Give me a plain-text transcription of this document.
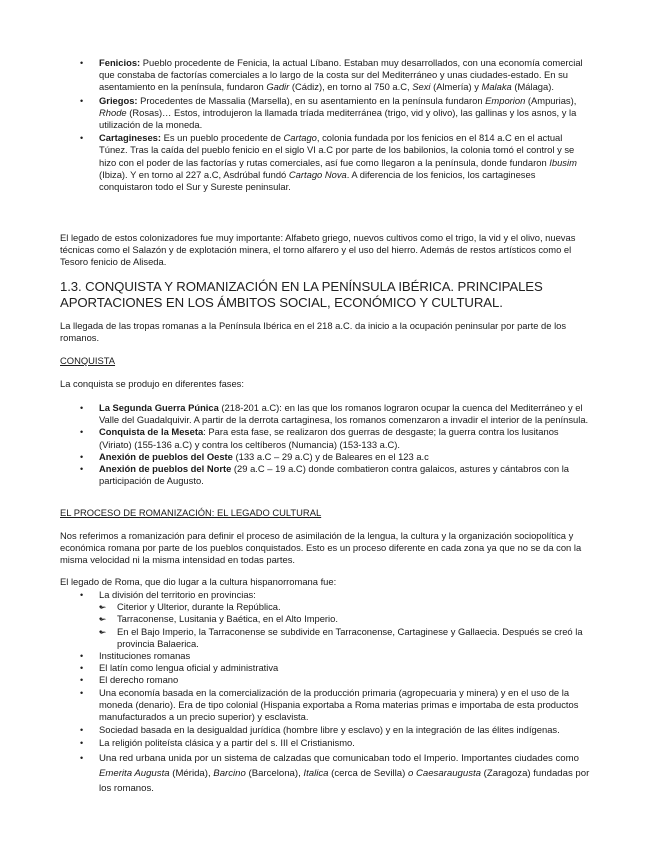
• Fenicios: Pueblo procedente de Fenicia, la actual Líbano. Estaban muy desarrollados, con una economía comercial que constaba de factorías comerciales a lo largo de la costa sur del Mediterráneo y unas ciudades-estado. En su asentamiento en la península, fundaron Gadir (Cádiz), en torno al 750 a.C, Sexi (Almería) y Malaka (Málaga).
• Griegos: Procedentes de Massalia (Marsella), en su asentamiento en la península fundaron Emporion (Ampurias), Rhode (Rosas)… Estos, introdujeron la llamada tríada mediterránea (trigo, vid y olivo), las gallinas y los asnos, y la utilización de la moneda.
• Cartagineses: Es un pueblo procedente de Cartago, colonia fundada por los fenicios en el 814 a.C en el actual Túnez. Tras la caída del pueblo fenicio en el siglo VI a.C por parte de los babilonios, la colonia tomó el control y se hizo con el poder de las factorías y rutas comerciales, así fue como llegaron a la península, donde fundaron Ibusim (Ibiza). Y en torno al 227 a.C, Asdrúbal fundó Cartago Nova. A diferencia de los fenicios, los cartagineses conquistaron todo el Sur y Sureste peninsular.

El legado de estos colonizadores fue muy importante: Alfabeto griego, nuevos cultivos como el trigo, la vid y el olivo, nuevas técnicas como el Salazón y de explotación minera, el torno alfarero y el uso del hierro. Además de restos artísticos como el Tesoro fenicio de Aliseda.

1.3. CONQUISTA Y ROMANIZACIÓN EN LA PENÍNSULA IBÉRICA. PRINCIPALES APORTACIONES EN LOS ÁMBITOS SOCIAL, ECONÓMICO Y CULTURAL.

La llegada de las tropas romanas a la Península Ibérica en el 218 a.C. da inicio a la ocupación peninsular por parte de los romanos.

CONQUISTA

La conquista se produjo en diferentes fases:

• La Segunda Guerra Púnica (218-201 a.C): en las que los romanos lograron ocupar la cuenca del Mediterráneo y el Valle del Guadalquivir. A partir de la derrota cartaginesa, los romanos comenzaron a invadir el interior de la península.
• Conquista de la Meseta: Para esta fase, se realizaron dos guerras de desgaste; la guerra contra los lusitanos (Viriato) (155-136 a.C) y contra los celtíberos (Numancia) (153-133 a.C).
• Anexión de pueblos del Oeste (133 a.C – 29 a.C) y de Baleares en el 123 a.c
• Anexión de pueblos del Norte (29 a.C – 19 a.C) donde combatieron contra galaicos, astures y cántabros con la participación de Augusto.
EL PROCESO DE ROMANIZACIÓN: EL LEGADO CULTURAL

Nos referimos a romanización para definir el proceso de asimilación de la lengua, la cultura y la organización sociopolítica y económica romana por parte de los pueblos conquistados. Esto es un proceso diferente en cada zona ya que no se da con la misma velocidad ni la misma intensidad en todas partes.

El legado de Roma, que dio lugar a la cultura hispanorromana fue:

• La división del territorio en provincias:
• ➢ Citerior y Ulterior, durante la República.
• ➢ Tarraconense, Lusitania y Baética, en el Alto Imperio.
• ➢ En el Bajo Imperio, la Tarraconense se subdivide en Tarraconense, Cartaginese y Gallaecia. Después se creó la provincia Balaerica.
• Instituciones romanas
• El latín como lengua oficial y administrativa
• El derecho romano
• Una economía basada en la comercialización de la producción primaria (agropecuaria y minera) y en el uso de la moneda (denario). Era de tipo colonial (Hispania exportaba a Roma materias primas e importaba de esta productos manufacturados a un precio superior) y esclavista.
• Sociedad basada en la desigualdad jurídica (hombre libre y esclavo) y en la integración de las élites indígenas.
• La religión politeísta clásica y a partir del s. III el Cristianismo.
• Una red urbana unida por un sistema de calzadas que comunicaban todo el Imperio. Importantes ciudades como Emerita Augusta (Mérida), Barcino (Barcelona), Italica (cerca de Sevilla) o Caesaraugusta (Zaragoza) fundadas por los romanos.
